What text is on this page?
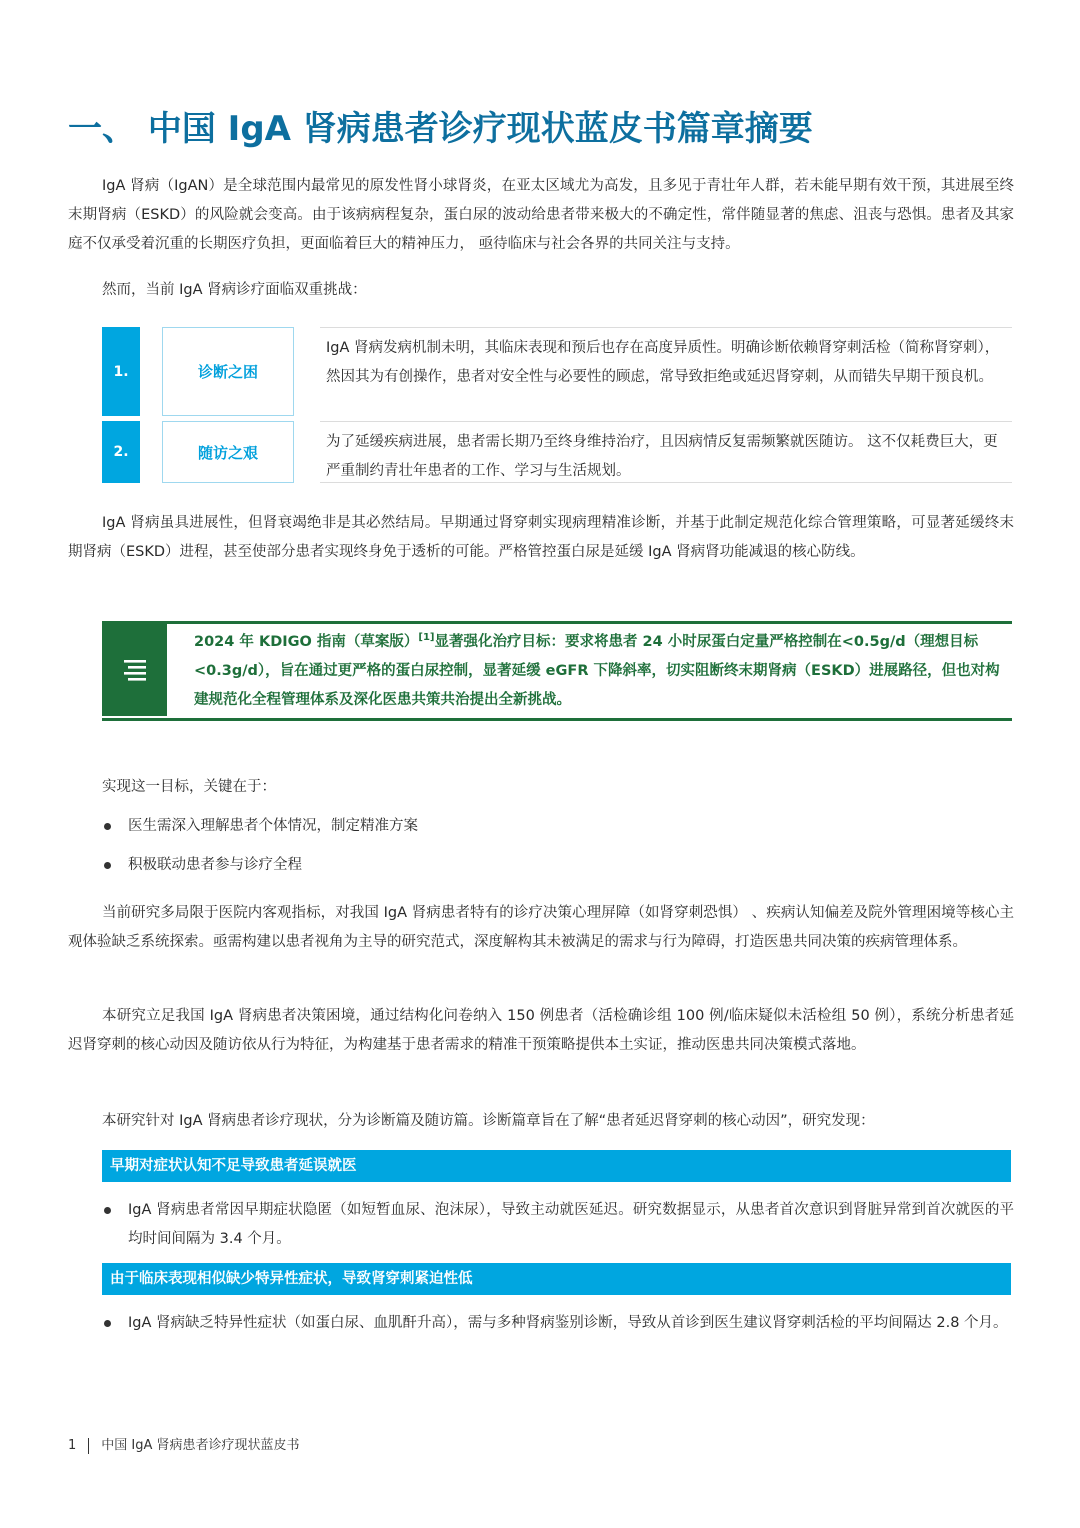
一、 中国 IgA 肾病患者诊疗现状蓝皮书篇章摘要
IgA 肾病（IgAN）是全球范围内最常见的原发性肾小球肾炎，在亚太区域尤为高发，且多见于青壮年人群，若未能早期有效干预，其进展至终末期肾病（ESKD）的风险就会变高。由于该病病程复杂，蛋白尿的波动给患者带来极大的不确定性，常伴随显著的焦虑、沮丧与恐惧。患者及其家庭不仅承受着沉重的长期医疗负担，更面临着巨大的精神压力， 亟待临床与社会各界的共同关注与支持。
然而，当前 IgA 肾病诊疗面临双重挑战：
1.	诊断之困
IgA 肾病发病机制未明，其临床表现和预后也存在高度异质性。明确诊断依赖肾穿刺活检（简称肾穿刺），然因其为有创操作，患者对安全性与必要性的顾虑，常导致拒绝或延迟肾穿刺，从而错失早期干预良机。
2.	随访之艰
为了延缓疾病进展，患者需长期乃至终身维持治疗，且因病情反复需频繁就医随访。 这不仅耗费巨大，更严重制约青壮年患者的工作、学习与生活规划。
IgA 肾病虽具进展性，但肾衰竭绝非是其必然结局。早期通过肾穿刺实现病理精准诊断，并基于此制定规范化综合管理策略，可显著延缓终末期肾病（ESKD）进程，甚至使部分患者实现终身免于透析的可能。严格管控蛋白尿是延缓 IgA 肾病肾功能减退的核心防线。
2024 年 KDIGO 指南（草案版）[1]显著强化治疗目标：要求将患者 24 小时尿蛋白定量严格控制在<0.5g/d（理想目标<0.3g/d），旨在通过更严格的蛋白尿控制，显著延缓 eGFR 下降斜率，切实阻断终末期肾病（ESKD）进展路径，但也对构建规范化全程管理体系及深化医患共策共治提出全新挑战。
实现这一目标，关键在于：
医生需深入理解患者个体情况，制定精准方案
积极联动患者参与诊疗全程
当前研究多局限于医院内客观指标，对我国 IgA 肾病患者特有的诊疗决策心理屏障（如肾穿刺恐惧） 、疾病认知偏差及院外管理困境等核心主观体验缺乏系统探索。亟需构建以患者视角为主导的研究范式，深度解构其未被满足的需求与行为障碍，打造医患共同决策的疾病管理体系。
本研究立足我国 IgA 肾病患者决策困境，通过结构化问卷纳入 150 例患者（活检确诊组 100 例/临床疑似未活检组 50 例），系统分析患者延迟肾穿刺的核心动因及随访依从行为特征，为构建基于患者需求的精准干预策略提供本土实证，推动医患共同决策模式落地。
本研究针对 IgA 肾病患者诊疗现状，分为诊断篇及随访篇。诊断篇章旨在了解“患者延迟肾穿刺的核心动因”，研究发现：
早期对症状认知不足导致患者延误就医
IgA 肾病患者常因早期症状隐匿（如短暂血尿、泡沫尿），导致主动就医延迟。研究数据显示，从患者首次意识到肾脏异常到首次就医的平均时间间隔为 3.4 个月。
由于临床表现相似缺少特异性症状，导致肾穿刺紧迫性低
IgA 肾病缺乏特异性症状（如蛋白尿、血肌酐升高），需与多种肾病鉴别诊断，导致从首诊到医生建议肾穿刺活检的平均间隔达 2.8 个月。
1 中国 IgA 肾病患者诊疗现状蓝皮书
